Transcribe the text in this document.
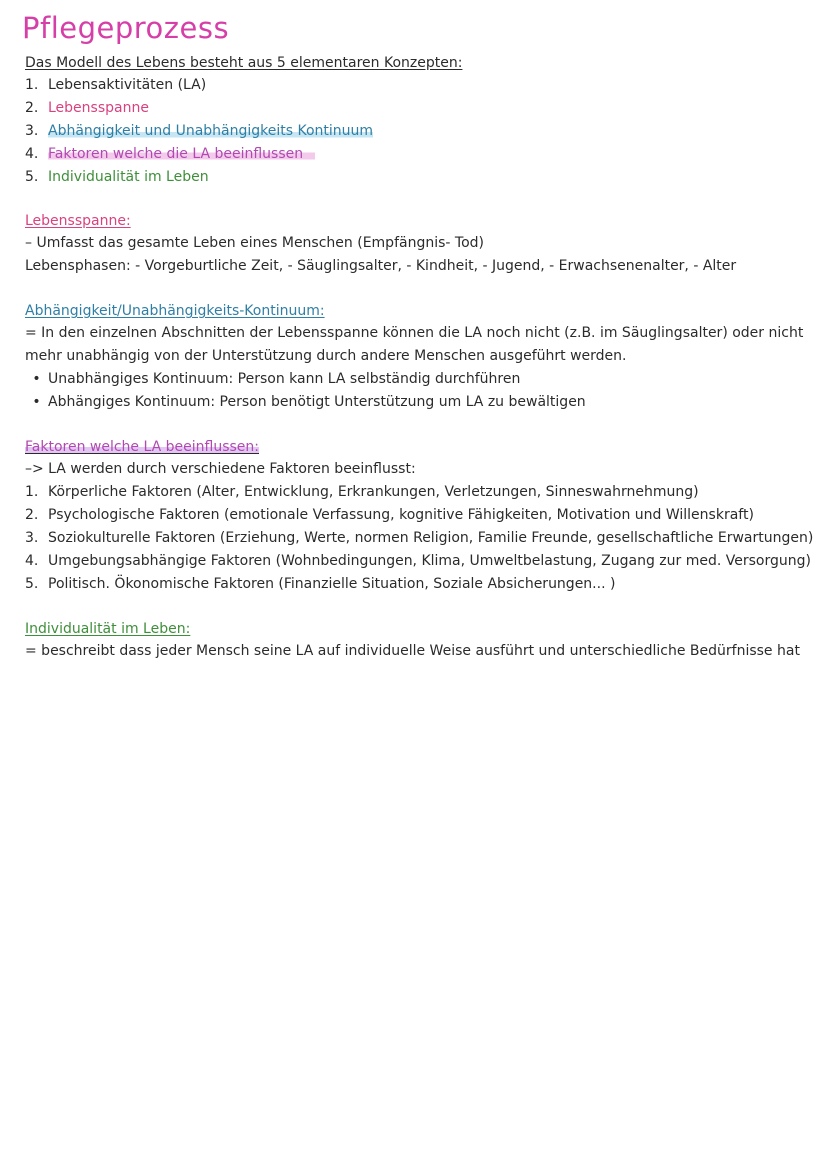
Pflegeprozess

Das Modell des Lebens besteht aus 5 elementaren Konzepten:

1. Lebensaktivitäten (LA)

2. Lebensspanne

3. Abhängigkeit und Unabhängigkeits Kontinuum

4. Faktoren welche die LA beeinflussen

5. Individualität im Leben

Lebensspanne:

– Umfasst das gesamte Leben eines Menschen (Empfängnis- Tod)

Lebensphasen: - Vorgeburtliche Zeit, - Säuglingsalter, - Kindheit, - Jugend, - Erwachsenenalter, - Alter

Abhängigkeit/Unabhängigkeits-Kontinuum:

= In den einzelnen Abschnitten der Lebensspanne können die LA noch nicht (z.B. im Säuglingsalter) oder nicht

mehr unabhängig von der Unterstützung durch andere Menschen ausgeführt werden.

• Unabhängiges Kontinuum: Person kann LA selbständig durchführen

• Abhängiges Kontinuum: Person benötigt Unterstützung um LA zu bewältigen

Faktoren welche LA beeinflussen:

–> LA werden durch verschiedene Faktoren beeinflusst:

1. Körperliche Faktoren (Alter, Entwicklung, Erkrankungen, Verletzungen, Sinneswahrnehmung)

2. Psychologische Faktoren (emotionale Verfassung, kognitive Fähigkeiten, Motivation und Willenskraft)

3. Soziokulturelle Faktoren (Erziehung, Werte, normen Religion, Familie Freunde, gesellschaftliche Erwartungen)

4. Umgebungsabhängige Faktoren (Wohnbedingungen, Klima, Umweltbelastung, Zugang zur med. Versorgung)

5. Politisch. Ökonomische Faktoren (Finanzielle Situation, Soziale Absicherungen... )

Individualität im Leben:

= beschreibt dass jeder Mensch seine LA auf individuelle Weise ausführt und unterschiedliche Bedürfnisse hat
